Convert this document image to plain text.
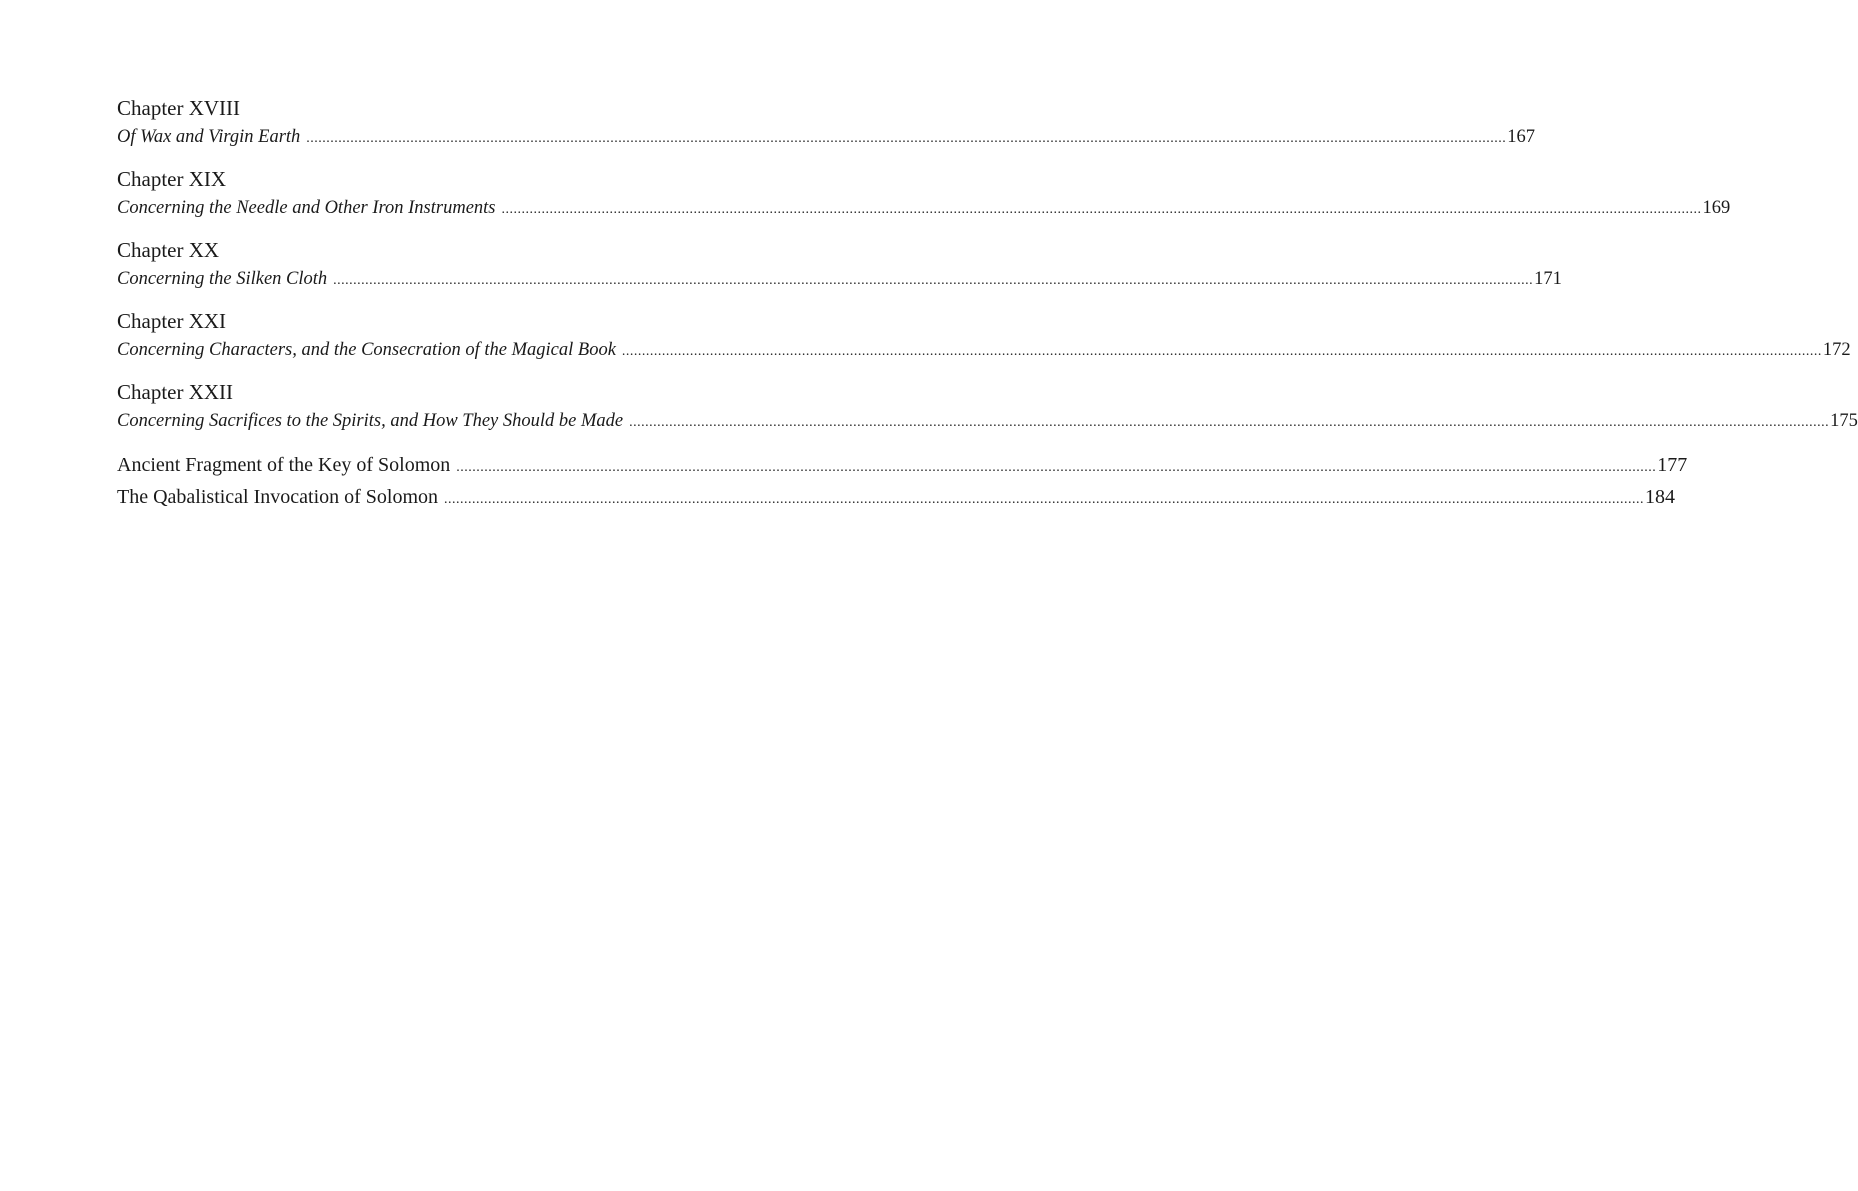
Chapter XVIII
Of Wax and Virgin Earth ............................................................................................................................................................................................................................................................................................................ 167
Chapter XIX
Concerning the Needle and Other Iron Instruments ............................................................................................................................................................................................................................................................................................................ 169
Chapter XX
Concerning the Silken Cloth ............................................................................................................................................................................................................................................................................................................ 171
Chapter XXI
Concerning Characters, and the Consecration of the Magical Book ............................................................................................................................................................................................................................................................................................................ 172
Chapter XXII
Concerning Sacrifices to the Spirits, and How They Should be Made ............................................................................................................................................................................................................................................................................................................ 175
Ancient Fragment of the Key of Solomon ............................................................................................................................................................................................................................................................................................................ 177
The Qabalistical Invocation of Solomon ............................................................................................................................................................................................................................................................................................................ 184
